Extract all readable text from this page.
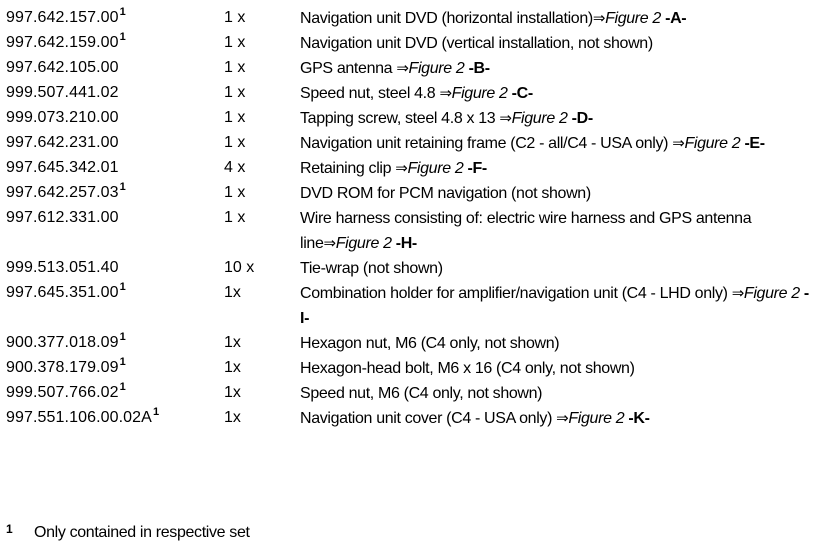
997.642.157.00$^1$	1 x	Navigation unit DVD (horizontal installation)⇒Figure 2 -A-
997.642.159.00$^1$	1 x	Navigation unit DVD (vertical installation, not shown)
997.642.105.00	1 x	GPS antenna ⇒Figure 2 -B-
999.507.441.02	1 x	Speed nut, steel 4.8 ⇒Figure 2 -C-
999.073.210.00	1 x	Tapping screw, steel 4.8 x 13 ⇒Figure 2 -D-
997.642.231.00	1 x	Navigation unit retaining frame (C2 - all/C4 - USA only) ⇒Figure 2 -E-
997.645.342.01	4 x	Retaining clip ⇒Figure 2 -F-
997.642.257.03$^1$	1 x	DVD ROM for PCM navigation (not shown)
997.612.331.00	1 x	Wire harness consisting of: electric wire harness and GPS antenna line⇒Figure 2 -H-
999.513.051.40	10 x	Tie-wrap (not shown)
997.645.351.00$^1$	1x	Combination holder for amplifier/navigation unit (C4 - LHD only) ⇒Figure 2 -I-
900.377.018.09$^1$	1x	Hexagon nut, M6 (C4 only, not shown)
900.378.179.09$^1$	1x	Hexagon-head bolt, M6 x 16 (C4 only, not shown)
999.507.766.02$^1$	1x	Speed nut, M6 (C4 only, not shown)
997.551.106.00.02A$^1$	1x	Navigation unit cover (C4 - USA only) ⇒Figure 2 -K-
1 Only contained in respective set
